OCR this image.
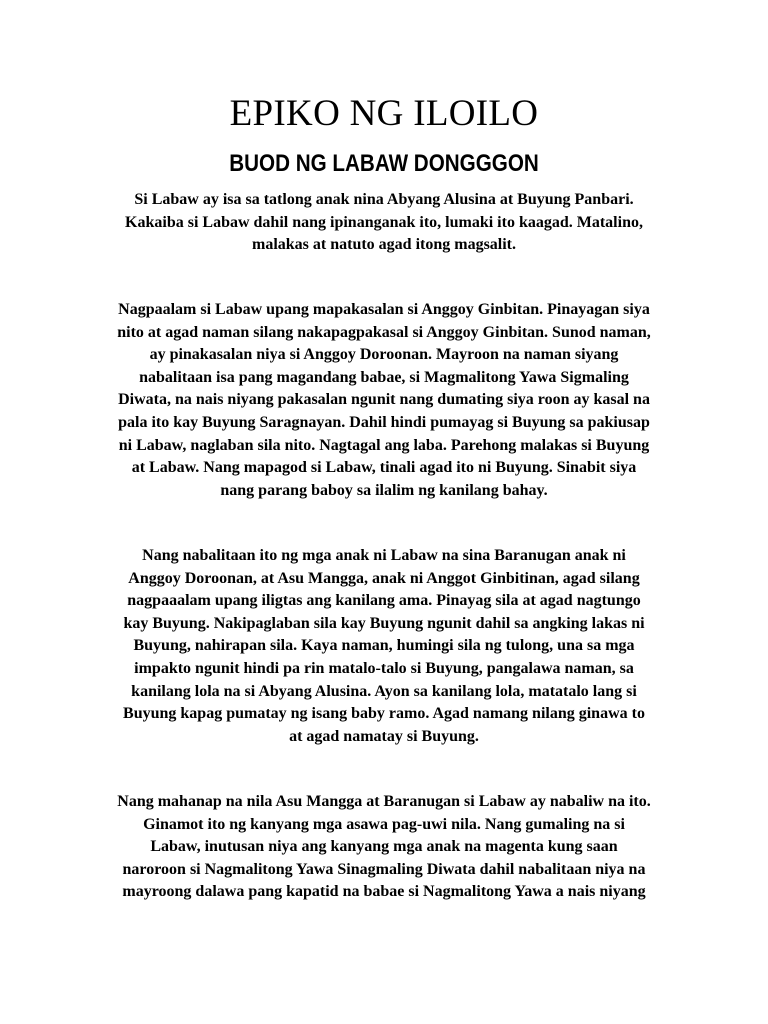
EPIKO NG ILOILO
BUOD NG LABAW DONGGGON

Si Labaw ay isa sa tatlong anak nina Abyang Alusina at Buyung Panbari.
Kakaiba si Labaw dahil nang ipinanganak ito, lumaki ito kaagad. Matalino,
malakas at natuto agad itong magsalit.

Nagpaalam si Labaw upang mapakasalan si Anggoy Ginbitan. Pinayagan siya
nito at agad naman silang nakapagpakasal si Anggoy Ginbitan. Sunod naman,
ay pinakasalan niya si Anggoy Doroonan. Mayroon na naman siyang
nabalitaan isa pang magandang babae, si Magmalitong Yawa Sigmaling
Diwata, na nais niyang pakasalan ngunit nang dumating siya roon ay kasal na
pala ito kay Buyung Saragnayan. Dahil hindi pumayag si Buyung sa pakiusap
ni Labaw, naglaban sila nito. Nagtagal ang laba. Parehong malakas si Buyung
at Labaw. Nang mapagod si Labaw, tinali agad ito ni Buyung. Sinabit siya
nang parang baboy sa ilalim ng kanilang bahay.

Nang nabalitaan ito ng mga anak ni Labaw na sina Baranugan anak ni
Anggoy Doroonan, at Asu Mangga, anak ni Anggot Ginbitinan, agad silang
nagpaaalam upang iligtas ang kanilang ama. Pinayag sila at agad nagtungo
kay Buyung. Nakipaglaban sila kay Buyung ngunit dahil sa angking lakas ni
Buyung, nahirapan sila. Kaya naman, humingi sila ng tulong, una sa mga
impakto ngunit hindi pa rin matalo-talo si Buyung, pangalawa naman, sa
kanilang lola na si Abyang Alusina. Ayon sa kanilang lola, matatalo lang si
Buyung kapag pumatay ng isang baby ramo. Agad namang nilang ginawa to
at agad namatay si Buyung.

Nang mahanap na nila Asu Mangga at Baranugan si Labaw ay nabaliw na ito.
Ginamot ito ng kanyang mga asawa pag-uwi nila. Nang gumaling na si
Labaw, inutusan niya ang kanyang mga anak na magenta kung saan
naroroon si Nagmalitong Yawa Sinagmaling Diwata dahil nabalitaan niya na
mayroong dalawa pang kapatid na babae si Nagmalitong Yawa a nais niyang
